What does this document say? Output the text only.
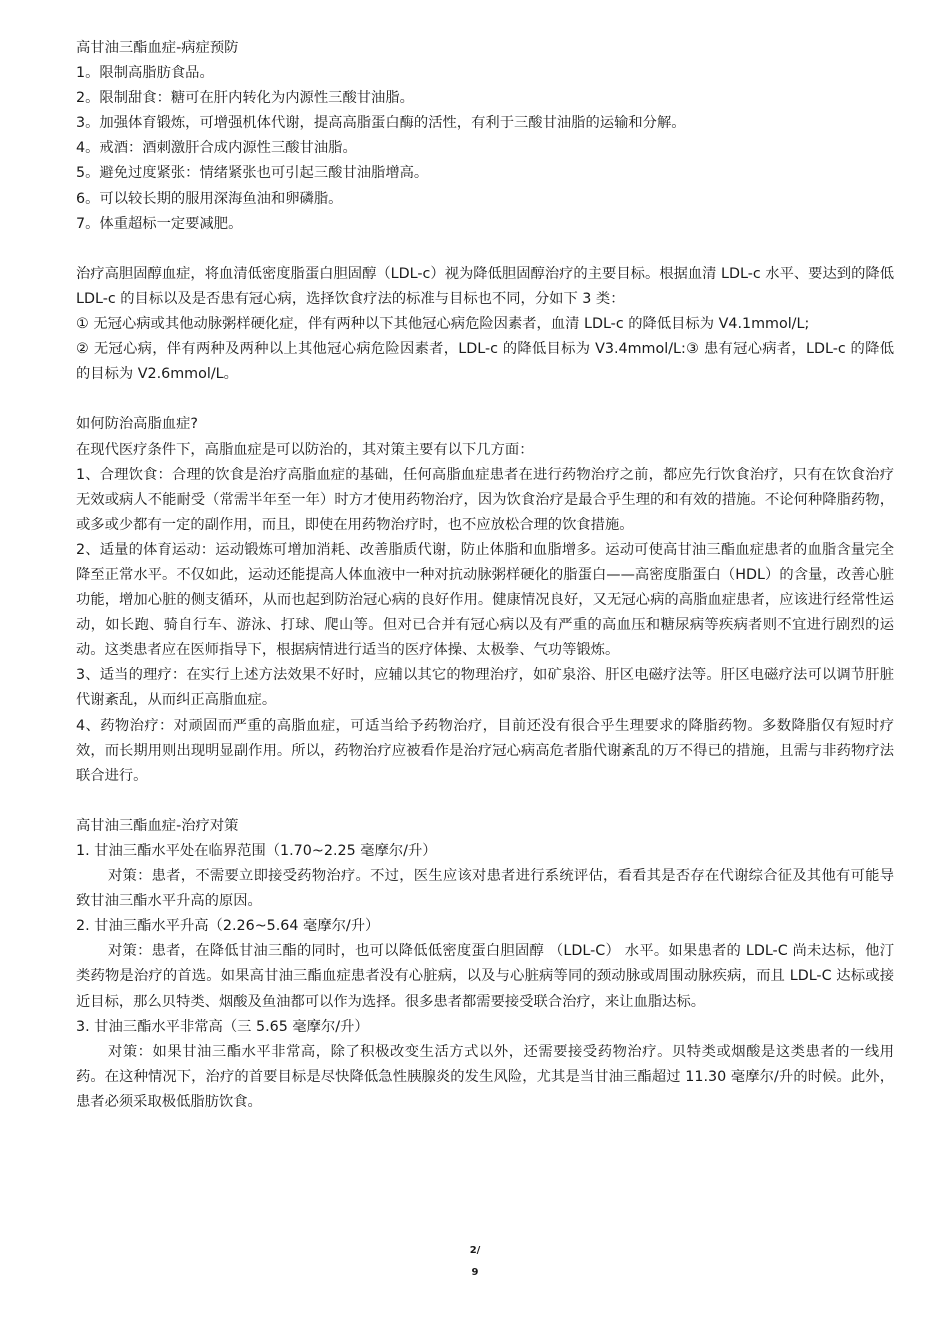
高甘油三酯血症-病症预防

1。限制高脂肪食品。

2。限制甜食：糖可在肝内转化为内源性三酸甘油脂。

3。加强体育锻炼，可增强机体代谢，提高高脂蛋白酶的活性，有利于三酸甘油脂的运输和分解。

4。戒酒：酒刺激肝合成内源性三酸甘油脂。

5。避免过度紧张：情绪紧张也可引起三酸甘油脂增高。

6。可以较长期的服用深海鱼油和卵磷脂。

7。体重超标一定要减肥。

治疗高胆固醇血症，将血清低密度脂蛋白胆固醇（LDL-c）视为降低胆固醇治疗的主要目标。根据血清 LDL-c 水平、要达到的降低 LDL-c 的目标以及是否患有冠心病，选择饮食疗法的标准与目标也不同，分如下 3 类：

① 无冠心病或其他动脉粥样硬化症，伴有两种以下其他冠心病危险因素者，血清 LDL-c 的降低目标为 V4.1mmol/L;

② 无冠心病，伴有两种及两种以上其他冠心病危险因素者，LDL-c 的降低目标为 V3.4mmol/L:③ 患有冠心病者，LDL-c 的降低的目标为 V2.6mmol/L。

如何防治高脂血症?

在现代医疗条件下，高脂血症是可以防治的，其对策主要有以下几方面：

1、合理饮食：合理的饮食是治疗高脂血症的基础，任何高脂血症患者在进行药物治疗之前，都应先行饮食治疗，只有在饮食治疗无效或病人不能耐受（常需半年至一年）时方才使用药物治疗，因为饮食治疗是最合乎生理的和有效的措施。不论何种降脂药物，或多或少都有一定的副作用，而且，即使在用药物治疗时，也不应放松合理的饮食措施。

2、适量的体育运动：运动锻炼可增加消耗、改善脂质代谢，防止体脂和血脂增多。运动可使高甘油三酯血症患者的血脂含量完全降至正常水平。不仅如此，运动还能提高人体血液中一种对抗动脉粥样硬化的脂蛋白——高密度脂蛋白（HDL）的含量，改善心脏功能，增加心脏的侧支循环，从而也起到防治冠心病的良好作用。健康情况良好，又无冠心病的高脂血症患者，应该进行经常性运动，如长跑、骑自行车、游泳、打球、爬山等。但对已合并有冠心病以及有严重的高血压和糖尿病等疾病者则不宜进行剧烈的运动。这类患者应在医师指导下，根据病情进行适当的医疗体操、太极拳、气功等锻炼。

3、适当的理疗：在实行上述方法效果不好时，应辅以其它的物理治疗，如矿泉浴、肝区电磁疗法等。肝区电磁疗法可以调节肝脏代谢紊乱，从而纠正高脂血症。

4、药物治疗：对顽固而严重的高脂血症，可适当给予药物治疗，目前还没有很合乎生理要求的降脂药物。多数降脂仅有短时疗效，而长期用则出现明显副作用。所以，药物治疗应被看作是治疗冠心病高危者脂代谢紊乱的万不得已的措施，且需与非药物疗法联合进行。

高甘油三酯血症-治疗对策

1. 甘油三酯水平处在临界范围（1.70~2.25 毫摩尔/升）

对策：患者，不需要立即接受药物治疗。不过，医生应该对患者进行系统评估，看看其是否存在代谢综合征及其他有可能导致甘油三酯水平升高的原因。

2. 甘油三酯水平升高（2.26~5.64 毫摩尔/升）

对策：患者，在降低甘油三酯的同时，也可以降低低密度蛋白胆固醇 （LDL-C） 水平。如果患者的 LDL-C 尚未达标，他汀类药物是治疗的首选。如果高甘油三酯血症患者没有心脏病，以及与心脏病等同的颈动脉或周围动脉疾病，而且 LDL-C 达标或接近目标，那么贝特类、烟酸及鱼油都可以作为选择。很多患者都需要接受联合治疗，来让血脂达标。

3. 甘油三酯水平非常高（三 5.65 毫摩尔/升）

对策：如果甘油三酯水平非常高，除了积极改变生活方式以外，还需要接受药物治疗。贝特类或烟酸是这类患者的一线用药。在这种情况下，治疗的首要目标是尽快降低急性胰腺炎的发生风险，尤其是当甘油三酯超过 11.30 毫摩尔/升的时候。此外，患者必须采取极低脂肪饮食。

2/
9
